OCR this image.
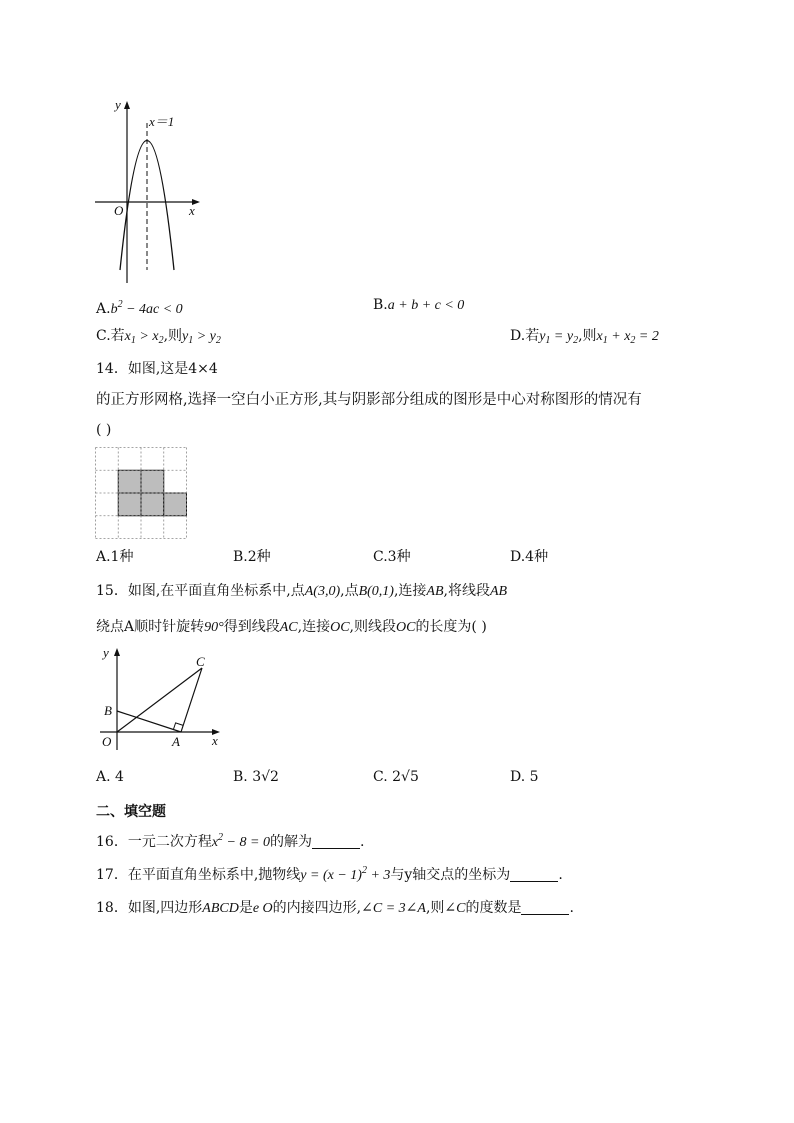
y
x
O
x＝1
$A.b^2 - 4ac < 0$	B.a + b + c < 0
C.若$x_1 > x_2$,则$y_1 > y_2$	D.若$y_1 = y_2$,则$x_1 + x_2 = 2$
14．如图,这是4×4
的正方形网格,选择一空白小正方形,其与阴影部分组成的图形是中心对称图形的情况有
( )
A.1种	B.2种	C.3种	D.4种
15．如图,在平面直角坐标系中,点A(3,0),点B(0,1),连接AB,将线段AB
绕点A顺时针旋转90°得到线段AC,连接OC,则线段OC的长度为( )
y
x
O	A
B
C
A. 4	B. 3√2	C. 2√5	D. 5
二、填空题
16．一元二次方程$x^2 - 8 = 0$的解为	.
17．在平面直角坐标系中,抛物线$y = (x - 1)^2 + 3$与y轴交点的坐标为	.
18．如图,四边形ABCD是e O的内接四边形,∠C = 3∠A,则∠C的度数是	.
